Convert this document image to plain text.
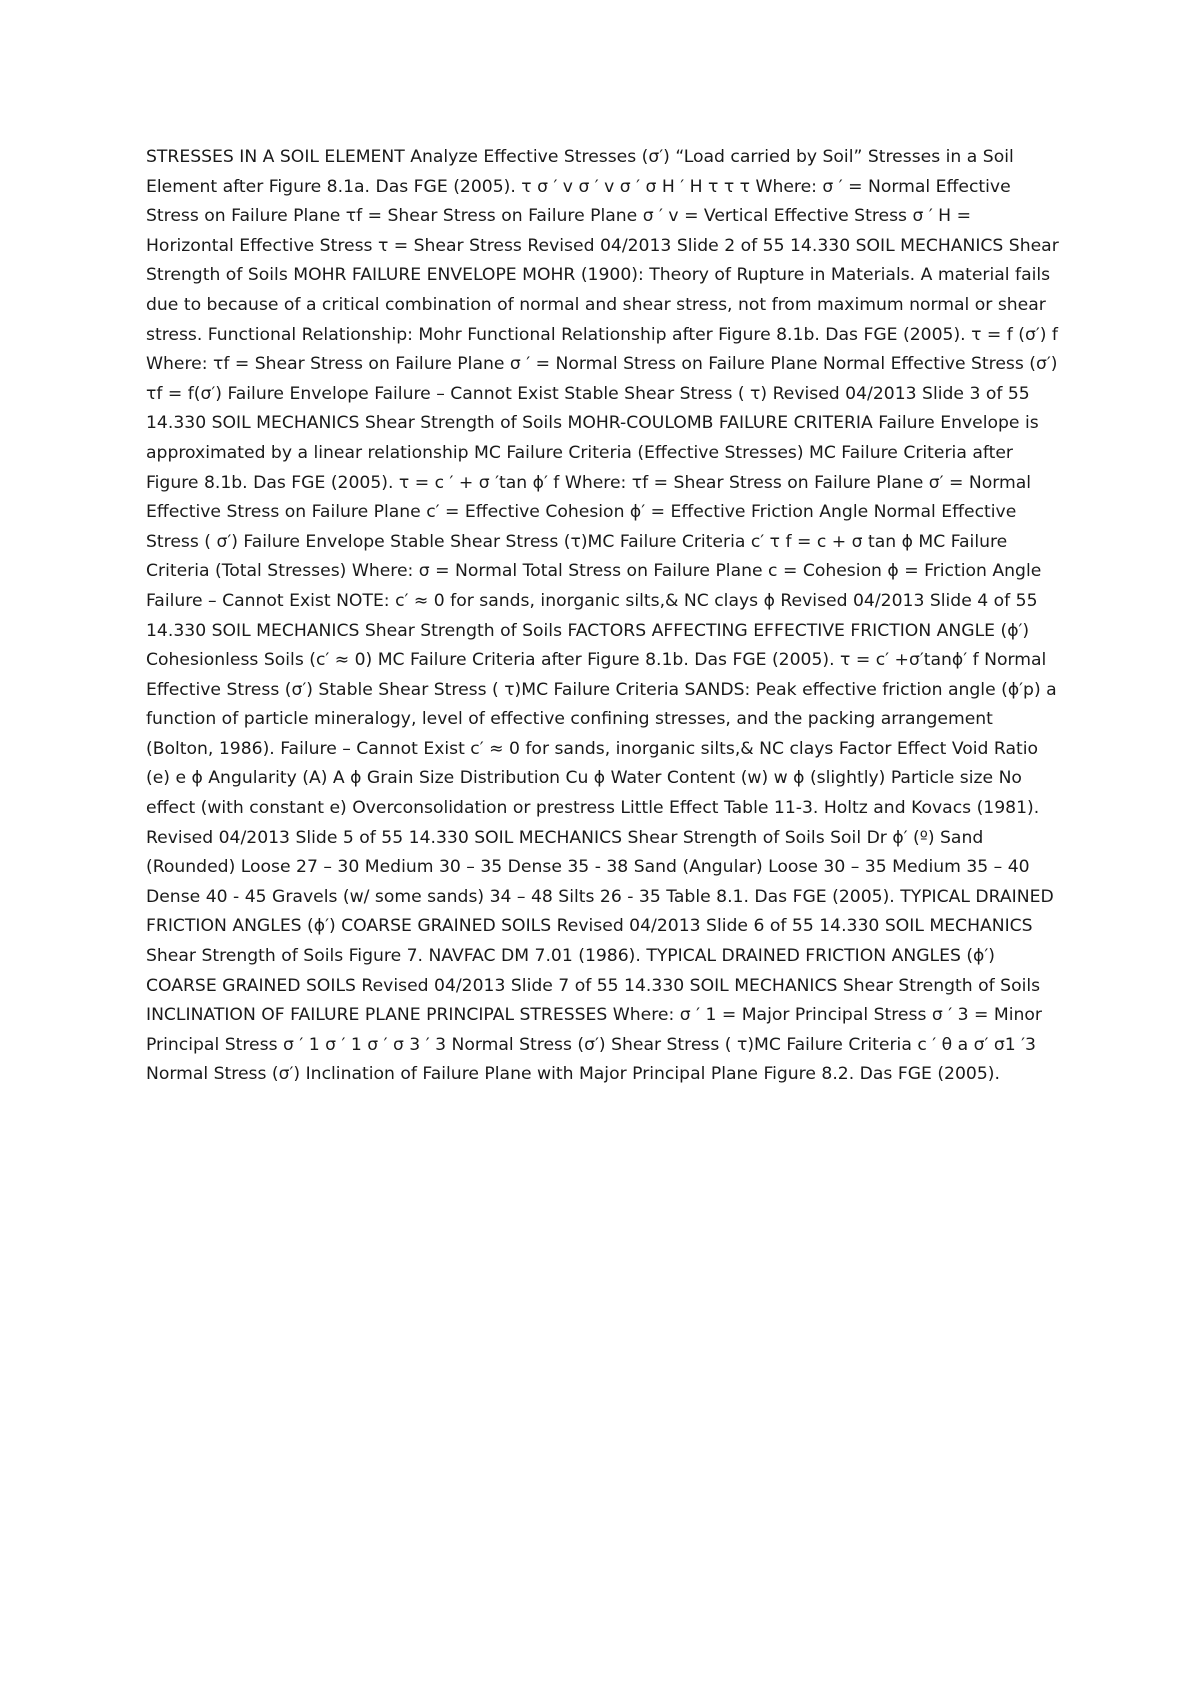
STRESSES IN A SOIL ELEMENT Analyze Effective Stresses (σ′) “Load carried by Soil” Stresses in a Soil Element after Figure 8.1a. Das FGE (2005). τ σ ′ v σ ′ v σ ′ σ H ′ H τ τ τ Where: σ ′ = Normal Effective Stress on Failure Plane τf = Shear Stress on Failure Plane σ ′ v = Vertical Effective Stress σ ′ H = Horizontal Effective Stress τ = Shear Stress Revised 04/2013 Slide 2 of 55 14.330 SOIL MECHANICS Shear Strength of Soils MOHR FAILURE ENVELOPE MOHR (1900): Theory of Rupture in Materials. A material fails due to because of a critical combination of normal and shear stress, not from maximum normal or shear stress. Functional Relationship: Mohr Functional Relationship after Figure 8.1b. Das FGE (2005). τ = f (σ′) f Where: τf = Shear Stress on Failure Plane σ ′ = Normal Stress on Failure Plane Normal Effective Stress (σ′) τf = f(σ′) Failure Envelope Failure – Cannot Exist Stable Shear Stress ( τ) Revised 04/2013 Slide 3 of 55 14.330 SOIL MECHANICS Shear Strength of Soils MOHR-COULOMB FAILURE CRITERIA Failure Envelope is approximated by a linear relationship MC Failure Criteria (Effective Stresses) MC Failure Criteria after Figure 8.1b. Das FGE (2005). τ = c ′ + σ ′tan ϕ′ f Where: τf = Shear Stress on Failure Plane σ′ = Normal Effective Stress on Failure Plane c′ = Effective Cohesion ϕ′ = Effective Friction Angle Normal Effective Stress ( σ′) Failure Envelope Stable Shear Stress (τ)MC Failure Criteria c′ τ f = c + σ tan ϕ MC Failure Criteria (Total Stresses) Where: σ = Normal Total Stress on Failure Plane c = Cohesion ϕ = Friction Angle Failure – Cannot Exist NOTE: c′ ≈ 0 for sands, inorganic silts,& NC clays ϕ Revised 04/2013 Slide 4 of 55 14.330 SOIL MECHANICS Shear Strength of Soils FACTORS AFFECTING EFFECTIVE FRICTION ANGLE (ϕ′) Cohesionless Soils (c′ ≈ 0) MC Failure Criteria after Figure 8.1b. Das FGE (2005). τ = c′ +σ′tanϕ′ f Normal Effective Stress (σ′) Stable Shear Stress ( τ)MC Failure Criteria SANDS: Peak effective friction angle (ϕ′p) a function of particle mineralogy, level of effective confining stresses, and the packing arrangement (Bolton, 1986). Failure – Cannot Exist c′ ≈ 0 for sands, inorganic silts,& NC clays Factor Effect Void Ratio (e) e ϕ Angularity (A) A ϕ Grain Size Distribution Cu ϕ Water Content (w) w ϕ (slightly) Particle size No effect (with constant e) Overconsolidation or prestress Little Effect Table 11-3. Holtz and Kovacs (1981). Revised 04/2013 Slide 5 of 55 14.330 SOIL MECHANICS Shear Strength of Soils Soil Dr ϕ′ (º) Sand (Rounded) Loose 27 – 30 Medium 30 – 35 Dense 35 - 38 Sand (Angular) Loose 30 – 35 Medium 35 – 40 Dense 40 - 45 Gravels (w/ some sands) 34 – 48 Silts 26 - 35 Table 8.1. Das FGE (2005). TYPICAL DRAINED FRICTION ANGLES (ϕ′) COARSE GRAINED SOILS Revised 04/2013 Slide 6 of 55 14.330 SOIL MECHANICS Shear Strength of Soils Figure 7. NAVFAC DM 7.01 (1986). TYPICAL DRAINED FRICTION ANGLES (ϕ′) COARSE GRAINED SOILS Revised 04/2013 Slide 7 of 55 14.330 SOIL MECHANICS Shear Strength of Soils INCLINATION OF FAILURE PLANE PRINCIPAL STRESSES Where: σ ′ 1 = Major Principal Stress σ ′ 3 = Minor Principal Stress σ ′ 1 σ ′ 1 σ ′ σ 3 ′ 3 Normal Stress (σ′) Shear Stress ( τ)MC Failure Criteria c ′ θ a σ′ σ1 ′3 Normal Stress (σ′) Inclination of Failure Plane with Major Principal Plane Figure 8.2. Das FGE (2005).
